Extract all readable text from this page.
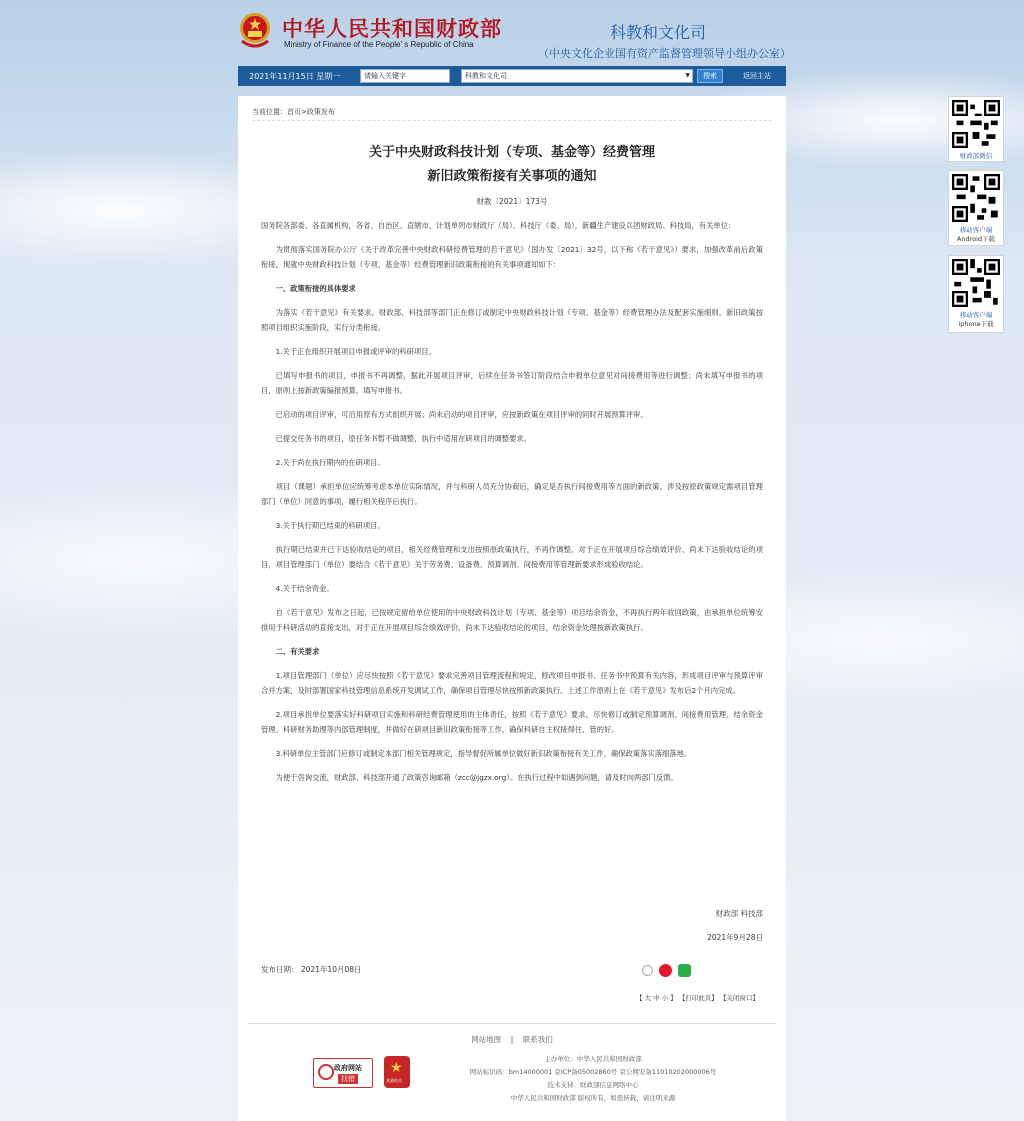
中华人民共和国财政部
Ministry of Finance of the People' s Republic of China
科教和文化司
（中央文化企业国有资产监督管理领导小组办公室）
2021年11月15日 星期一	请输入关键字	科教和文化司	▼	搜索	返回主站
当前位置：首页>政策发布
关于中央财政科技计划（专项、基金等）经费管理
新旧政策衔接有关事项的通知
财教〔2021〕173号

国务院各部委、各直属机构，各省、自治区、直辖市、计划单列市财政厅（局）、科技厅（委、局），新疆生产建设兵团财政局、科技局，有关单位：

为贯彻落实国务院办公厅《关于改革完善中央财政科研经费管理的若干意见》（国办发〔2021〕32号，以下称《若干意见》）要求，加强改革前后政策衔接，现就中央财政科技计划（专项、基金等）经费管理新旧政策衔接的有关事项通知如下：

一、政策衔接的具体要求

为落实《若干意见》有关要求，财政部、科技部等部门正在修订或制定中央财政科技计划（专项、基金等）经费管理办法及配套实施细则。新旧政策按照项目组织实施阶段，实行分类衔接。

1.关于正在组织开展项目申报或评审的科研项目。

已填写申报书的项目，申报书不再调整，据此开展项目评审，后续在任务书签订阶段结合申报单位意见对间接费用等进行调整；尚未填写申报书的项目，原则上按新政策编报预算，填写申报书。

已启动的项目评审，可沿用原有方式组织开展；尚未启动的项目评审，应按新政策在项目评审的同时开展预算评审。

已提交任务书的项目，原任务书暂不做调整，执行中适用在研项目的调整要求。

2.关于尚在执行期内的在研项目。

项目（课题）承担单位应统筹考虑本单位实际情况，并与科研人员充分协商后，确定是否执行间接费用等方面的新政策。涉及按原政策规定需项目管理部门（单位）同意的事项，履行相关程序后执行。

3.关于执行期已结束的科研项目。

执行期已结束并已下达验收结论的项目，相关经费管理和支出按照原政策执行，不再作调整。对于正在开展项目综合绩效评价、尚未下达验收结论的项目，项目管理部门（单位）要结合《若干意见》关于劳务费、设备费、预算调剂、间接费用等管理新要求形成验收结论。

4.关于结余资金。

自《若干意见》发布之日起，已按规定留给单位使用的中央财政科技计划（专项、基金等）项目结余资金，不再执行两年收回政策，由承担单位统筹安排用于科研活动的直接支出。对于正在开展项目综合绩效评价、尚未下达验收结论的项目，结余资金处理按新政策执行。

二、有关要求

1.项目管理部门（单位）应尽快按照《若干意见》要求完善项目管理流程和规定，修改项目申报书、任务书中预算有关内容，形成项目评审与预算评审合并方案，及时部署国家科技管理信息系统开发调试工作，确保项目管理尽快按照新政策执行。上述工作原则上在《若干意见》发布后2个月内完成。

2.项目承担单位要落实好科研项目实施和科研经费管理使用的主体责任，按照《若干意见》要求，尽快修订或制定预算调剂、间接费用管理、结余资金管理、科研财务助理等内部管理制度，并做好在研项目新旧政策衔接等工作，确保科研自主权接得住、管的好。

3.科研单位主管部门应修订或制定本部门相关管理规定，指导督促所属单位做好新旧政策衔接有关工作，确保政策落实落细落地。

为便于咨询交流，财政部、科技部开通了政策咨询邮箱（zcc@jgzx.org）。在执行过程中如遇到问题，请及时向两部门反馈。

财政部 科技部
2021年9月28日
发布日期： 2021年10月08日

【 大 中 小 】 【打印此页】 【关闭窗口】
网站地图 | 联系我们
政府网站
找错
★
党政机关
主办单位：中华人民共和国财政部
网站标识码：bm14000001 京ICP备05002860号 京公网安备11010202000006号
技术支持：财政部信息网络中心
中华人民共和国财政部 版权所有，如需转载，请注明来源
财政部微信
移动客户端
Android下载
移动客户端
iphone下载
